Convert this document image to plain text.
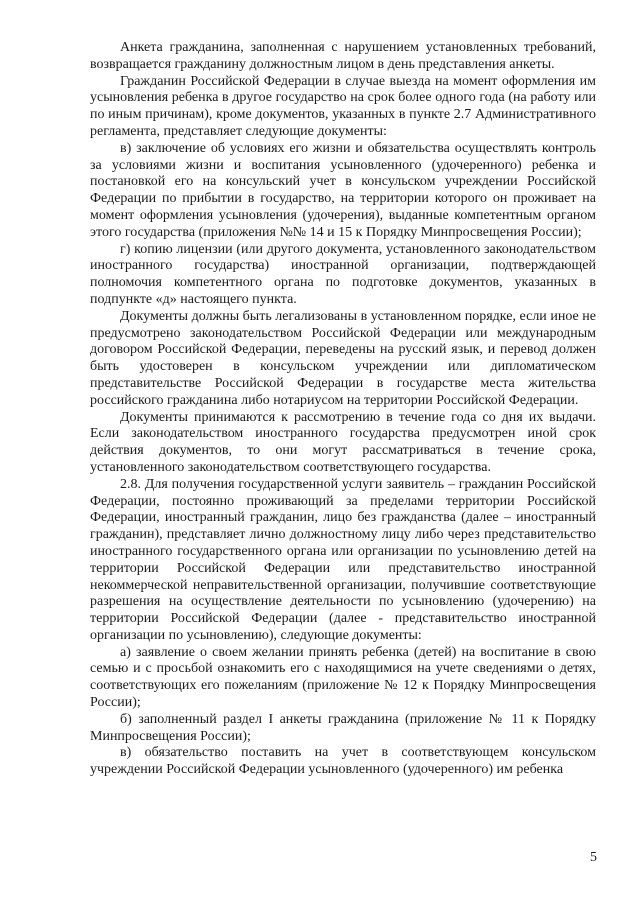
Анкета гражданина, заполненная с нарушением установленных требований, возвращается гражданину должностным лицом в день представления анкеты.

Гражданин Российской Федерации в случае выезда на момент оформления им усыновления ребенка в другое государство на срок более одного года (на работу или по иным причинам), кроме документов, указанных в пункте 2.7 Административного регламента, представляет следующие документы:

в) заключение об условиях его жизни и обязательства осуществлять контроль за условиями жизни и воспитания усыновленного (удочеренного) ребенка и постановкой его на консульский учет в консульском учреждении Российской Федерации по прибытии в государство, на территории которого он проживает на момент оформления усыновления (удочерения), выданные компетентным органом этого государства (приложения №№ 14 и 15 к Порядку Минпросвещения России);

г) копию лицензии (или другого документа, установленного законодательством иностранного государства) иностранной организации, подтверждающей полномочия компетентного органа по подготовке документов, указанных в подпункте «д» настоящего пункта.

Документы должны быть легализованы в установленном порядке, если иное не предусмотрено законодательством Российской Федерации или международным договором Российской Федерации, переведены на русский язык, и перевод должен быть удостоверен в консульском учреждении или дипломатическом представительстве Российской Федерации в государстве места жительства российского гражданина либо нотариусом на территории Российской Федерации.

Документы принимаются к рассмотрению в течение года со дня их выдачи. Если законодательством иностранного государства предусмотрен иной срок действия документов, то они могут рассматриваться в течение срока, установленного законодательством соответствующего государства.

2.8. Для получения государственной услуги заявитель – гражданин Российской Федерации, постоянно проживающий за пределами территории Российской Федерации, иностранный гражданин, лицо без гражданства (далее – иностранный гражданин), представляет лично должностному лицу либо через представительство иностранного государственного органа или организации по усыновлению детей на территории Российской Федерации или представительство иностранной некоммерческой неправительственной организации, получившие соответствующие разрешения на осуществление деятельности по усыновлению (удочерению) на территории Российской Федерации (далее - представительство иностранной организации по усыновлению), следующие документы:

а) заявление о своем желании принять ребенка (детей) на воспитание в свою семью и с просьбой ознакомить его с находящимися на учете сведениями о детях, соответствующих его пожеланиям (приложение № 12 к Порядку Минпросвещения России);

б) заполненный раздел I анкеты гражданина (приложение № 11 к Порядку Минпросвещения России);

в) обязательство поставить на учет в соответствующем консульском учреждении Российской Федерации усыновленного (удочеренного) им ребенка

5
